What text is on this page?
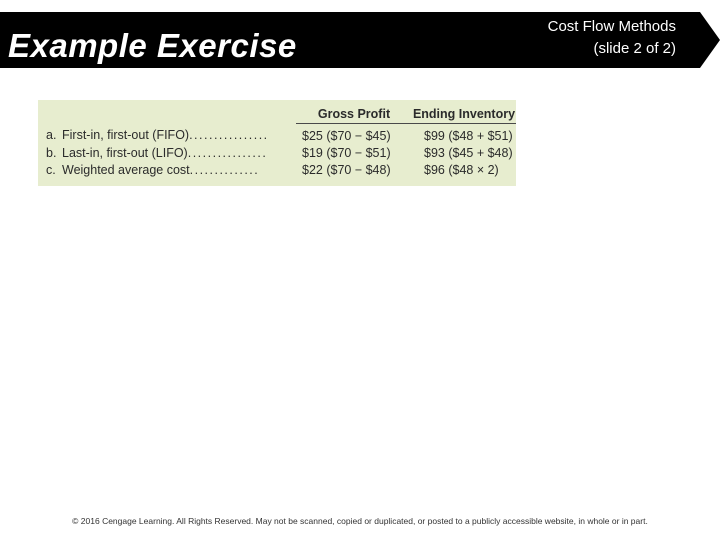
Example Exercise
Cost Flow Methods
(slide 2 of 2)
	Gross Profit	Ending Inventory
a. First-in, first-out (FIFO)................	$25 ($70 − $45)	$99 ($48 + $51)
b. Last-in, first-out (LIFO)................	$19 ($70 − $51)	$93 ($45 + $48)
c. Weighted average cost..............	$22 ($70 − $48)	$96 ($48 × 2)
© 2016 Cengage Learning. All Rights Reserved. May not be scanned, copied or duplicated, or posted to a publicly accessible website, in whole or in part.
